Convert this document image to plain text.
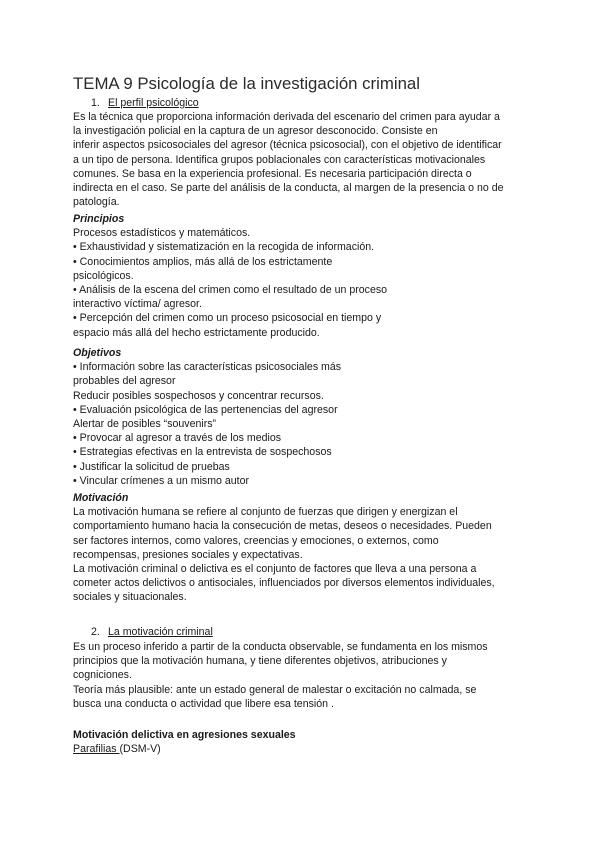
TEMA 9 Psicología de la investigación criminal
1. El perfil psicológico
Es la técnica que proporciona información derivada del escenario del crimen para ayudar a
la investigación policial en la captura de un agresor desconocido. Consiste en
inferir aspectos psicosociales del agresor (técnica psicosocial), con el objetivo de identificar
a un tipo de persona. Identifica grupos poblacionales con características motivacionales
comunes. Se basa en la experiencia profesional. Es necesaria participación directa o
indirecta en el caso. Se parte del análisis de la conducta, al margen de la presencia o no de
patología.
Principios
Procesos estadísticos y matemáticos.
• Exhaustividad y sistematización en la recogida de información.
• Conocimientos amplios, más allá de los estrictamente
psicológicos.
• Análisis de la escena del crimen como el resultado de un proceso
interactivo víctima/ agresor.
• Percepción del crimen como un proceso psicosocial en tiempo y
espacio más allá del hecho estrictamente producido.
Objetivos
• Información sobre las características psicosociales más
probables del agresor
Reducir posibles sospechosos y concentrar recursos.
• Evaluación psicológica de las pertenencias del agresor
Alertar de posibles “souvenirs”
• Provocar al agresor a través de los medios
• Estrategias efectivas en la entrevista de sospechosos
• Justificar la solicitud de pruebas
• Vincular crímenes a un mismo autor
Motivación
La motivación humana se refiere al conjunto de fuerzas que dirigen y energizan el
comportamiento humano hacia la consecución de metas, deseos o necesidades. Pueden
ser factores internos, como valores, creencias y emociones, o externos, como
recompensas, presiones sociales y expectativas.
La motivación criminal o delictiva es el conjunto de factores que lleva a una persona a
cometer actos delictivos o antisociales, influenciados por diversos elementos individuales,
sociales y situacionales.
2. La motivación criminal
Es un proceso inferido a partir de la conducta observable, se fundamenta en los mismos
principios que la motivación humana, y tiene diferentes objetivos, atribuciones y
cogniciones.
Teoría más plausible: ante un estado general de malestar o excitación no calmada, se
busca una conducta o actividad que libere esa tensión .
Motivación delictiva en agresiones sexuales
Parafilias (DSM-V)
